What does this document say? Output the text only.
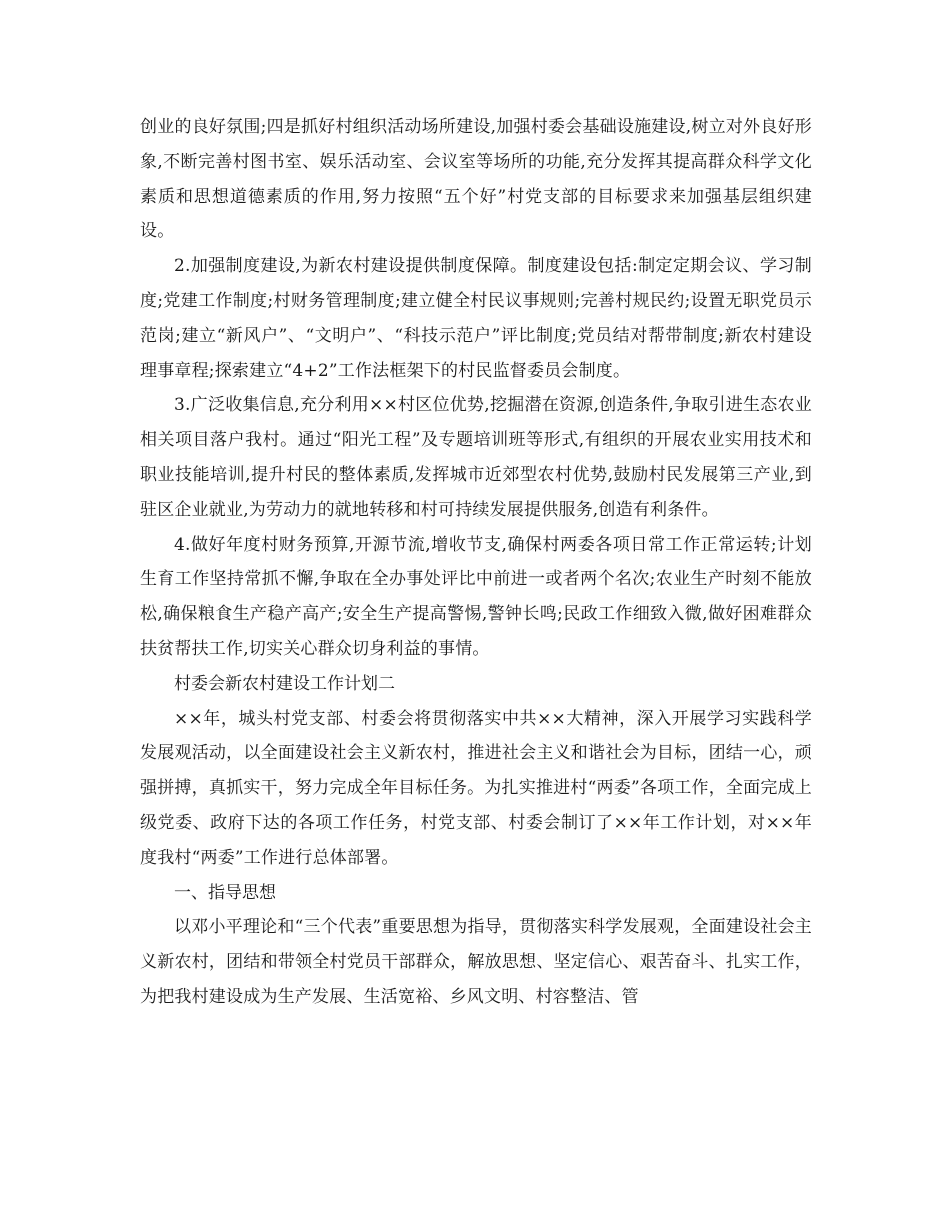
创业的良好氛围;四是抓好村组织活动场所建设,加强村委会基础设施建设,树立对外良好形象,不断完善村图书室、娱乐活动室、会议室等场所的功能,充分发挥其提高群众科学文化素质和思想道德素质的作用,努力按照“五个好”村党支部的目标要求来加强基层组织建设。

2.加强制度建设,为新农村建设提供制度保障。制度建设包括:制定定期会议、学习制度;党建工作制度;村财务管理制度;建立健全村民议事规则;完善村规民约;设置无职党员示范岗;建立“新风户”、“文明户”、“科技示范户”评比制度;党员结对帮带制度;新农村建设理事章程;探索建立“4+2”工作法框架下的村民监督委员会制度。

3.广泛收集信息,充分利用××村区位优势,挖掘潜在资源,创造条件,争取引进生态农业相关项目落户我村。通过“阳光工程”及专题培训班等形式,有组织的开展农业实用技术和职业技能培训,提升村民的整体素质,发挥城市近郊型农村优势,鼓励村民发展第三产业,到驻区企业就业,为劳动力的就地转移和村可持续发展提供服务,创造有利条件。

4.做好年度村财务预算,开源节流,增收节支,确保村两委各项日常工作正常运转;计划生育工作坚持常抓不懈,争取在全办事处评比中前进一或者两个名次;农业生产时刻不能放松,确保粮食生产稳产高产;安全生产提高警惕,警钟长鸣;民政工作细致入微,做好困难群众扶贫帮扶工作,切实关心群众切身利益的事情。

村委会新农村建设工作计划二

××年，城头村党支部、村委会将贯彻落实中共××大精神，深入开展学习实践科学发展观活动，以全面建设社会主义新农村，推进社会主义和谐社会为目标，团结一心，顽强拼搏，真抓实干，努力完成全年目标任务。为扎实推进村“两委”各项工作，全面完成上级党委、政府下达的各项工作任务，村党支部、村委会制订了××年工作计划，对××年度我村“两委”工作进行总体部署。

一、指导思想

以邓小平理论和“三个代表”重要思想为指导，贯彻落实科学发展观，全面建设社会主义新农村，团结和带领全村党员干部群众，解放思想、坚定信心、艰苦奋斗、扎实工作，为把我村建设成为生产发展、生活宽裕、乡风文明、村容整洁、管
